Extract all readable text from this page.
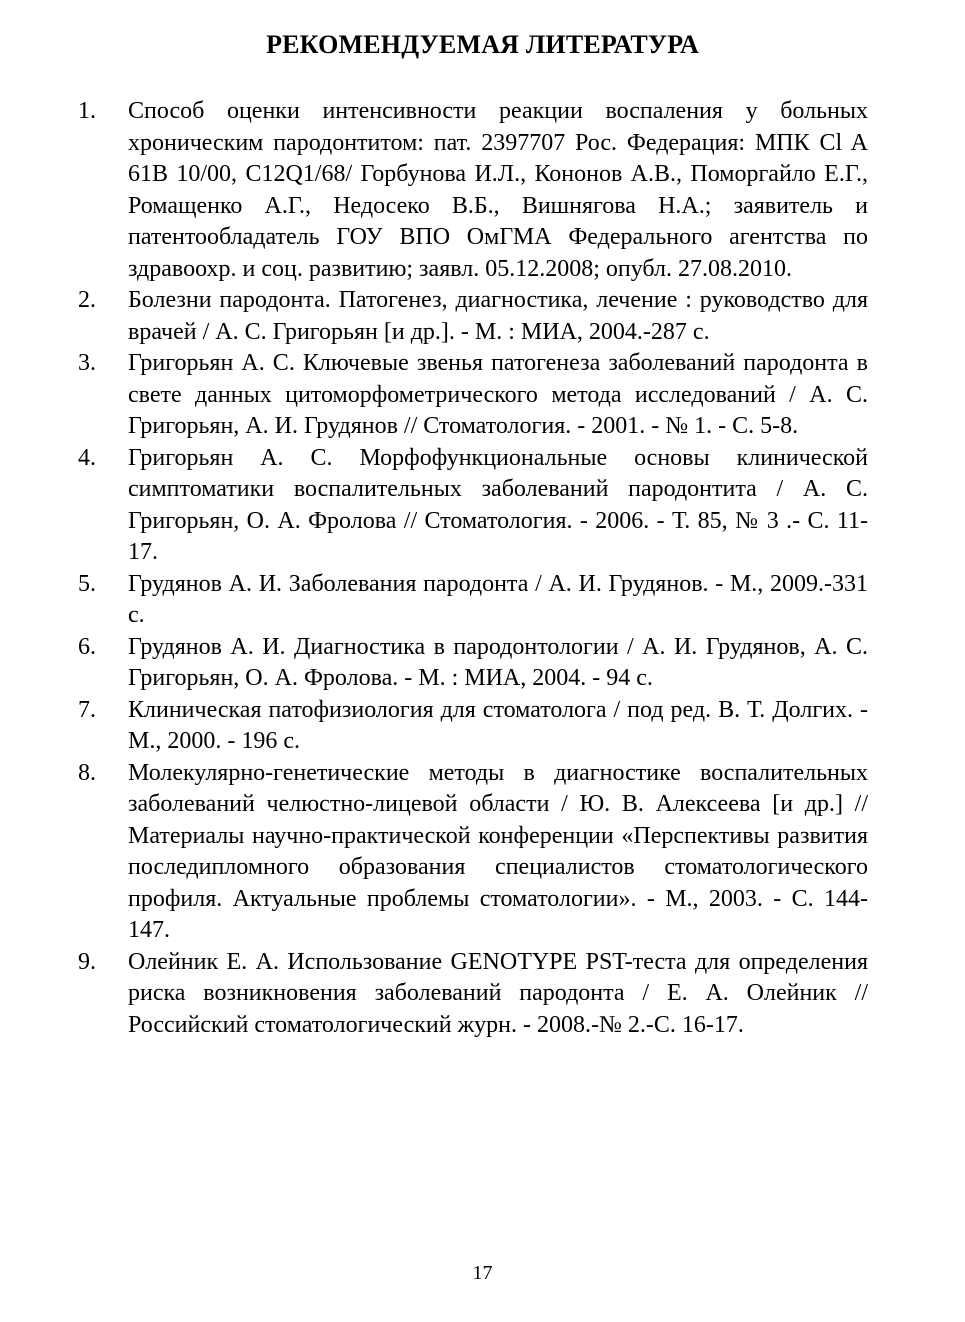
РЕКОМЕНДУЕМАЯ ЛИТЕРАТУРА
1.	Способ оценки интенсивности реакции воспаления у больных хроническим пародонтитом: пат. 2397707 Рос. Федерация: МПК Cl A 61B 10/00, C12Q1/68/ Горбунова И.Л., Кононов А.В., Поморгайло Е.Г., Ромащенко А.Г., Недосеко В.Б., Вишнягова Н.А.; заявитель и патентообладатель ГОУ ВПО ОмГМА Федерального агентства по здравоохр. и соц. развитию; заявл. 05.12.2008; опубл. 27.08.2010.
2.	Болезни пародонта. Патогенез, диагностика, лечение : руководство для врачей / А. С. Григорьян [и др.]. - М. : МИА, 2004.-287 с.
3.	Григорьян А. С. Ключевые звенья патогенеза заболеваний пародонта в свете данных цитоморфометрического метода исследований / А. С. Григорьян, А. И. Грудянов // Стоматология. - 2001. - № 1. - С. 5-8.
4.	Григорьян А. С. Морфофункциональные основы клинической симптоматики воспалительных заболеваний пародонтита / А. С. Григорьян, О. А. Фролова // Стоматология. - 2006. - Т. 85, № 3 .- С. 11-17.
5.	Грудянов А. И. Заболевания пародонта / А. И. Грудянов. - М., 2009.-331 с.
6.	Грудянов А. И. Диагностика в пародонтологии / А. И. Грудянов, А. С. Григорьян, О. А. Фролова. - М. : МИА, 2004. - 94 с.
7.	Клиническая патофизиология для стоматолога / под ред. В. Т. Долгих. - М., 2000. - 196 с.
8.	Молекулярно-генетические методы в диагностике воспалительных заболеваний челюстно-лицевой области / Ю. В. Алексеева [и др.] // Материалы научно-практической конференции «Перспективы развития последипломного образования специалистов стоматологического профиля. Актуальные проблемы стоматологии». - М., 2003. - С. 144-147.
9.	Олейник Е. А. Использование GENOTYPE PST-теста для определения риска возникновения заболеваний пародонта / Е. А. Олейник // Российский стоматологический журн. - 2008.-№ 2.-С. 16-17.
17
